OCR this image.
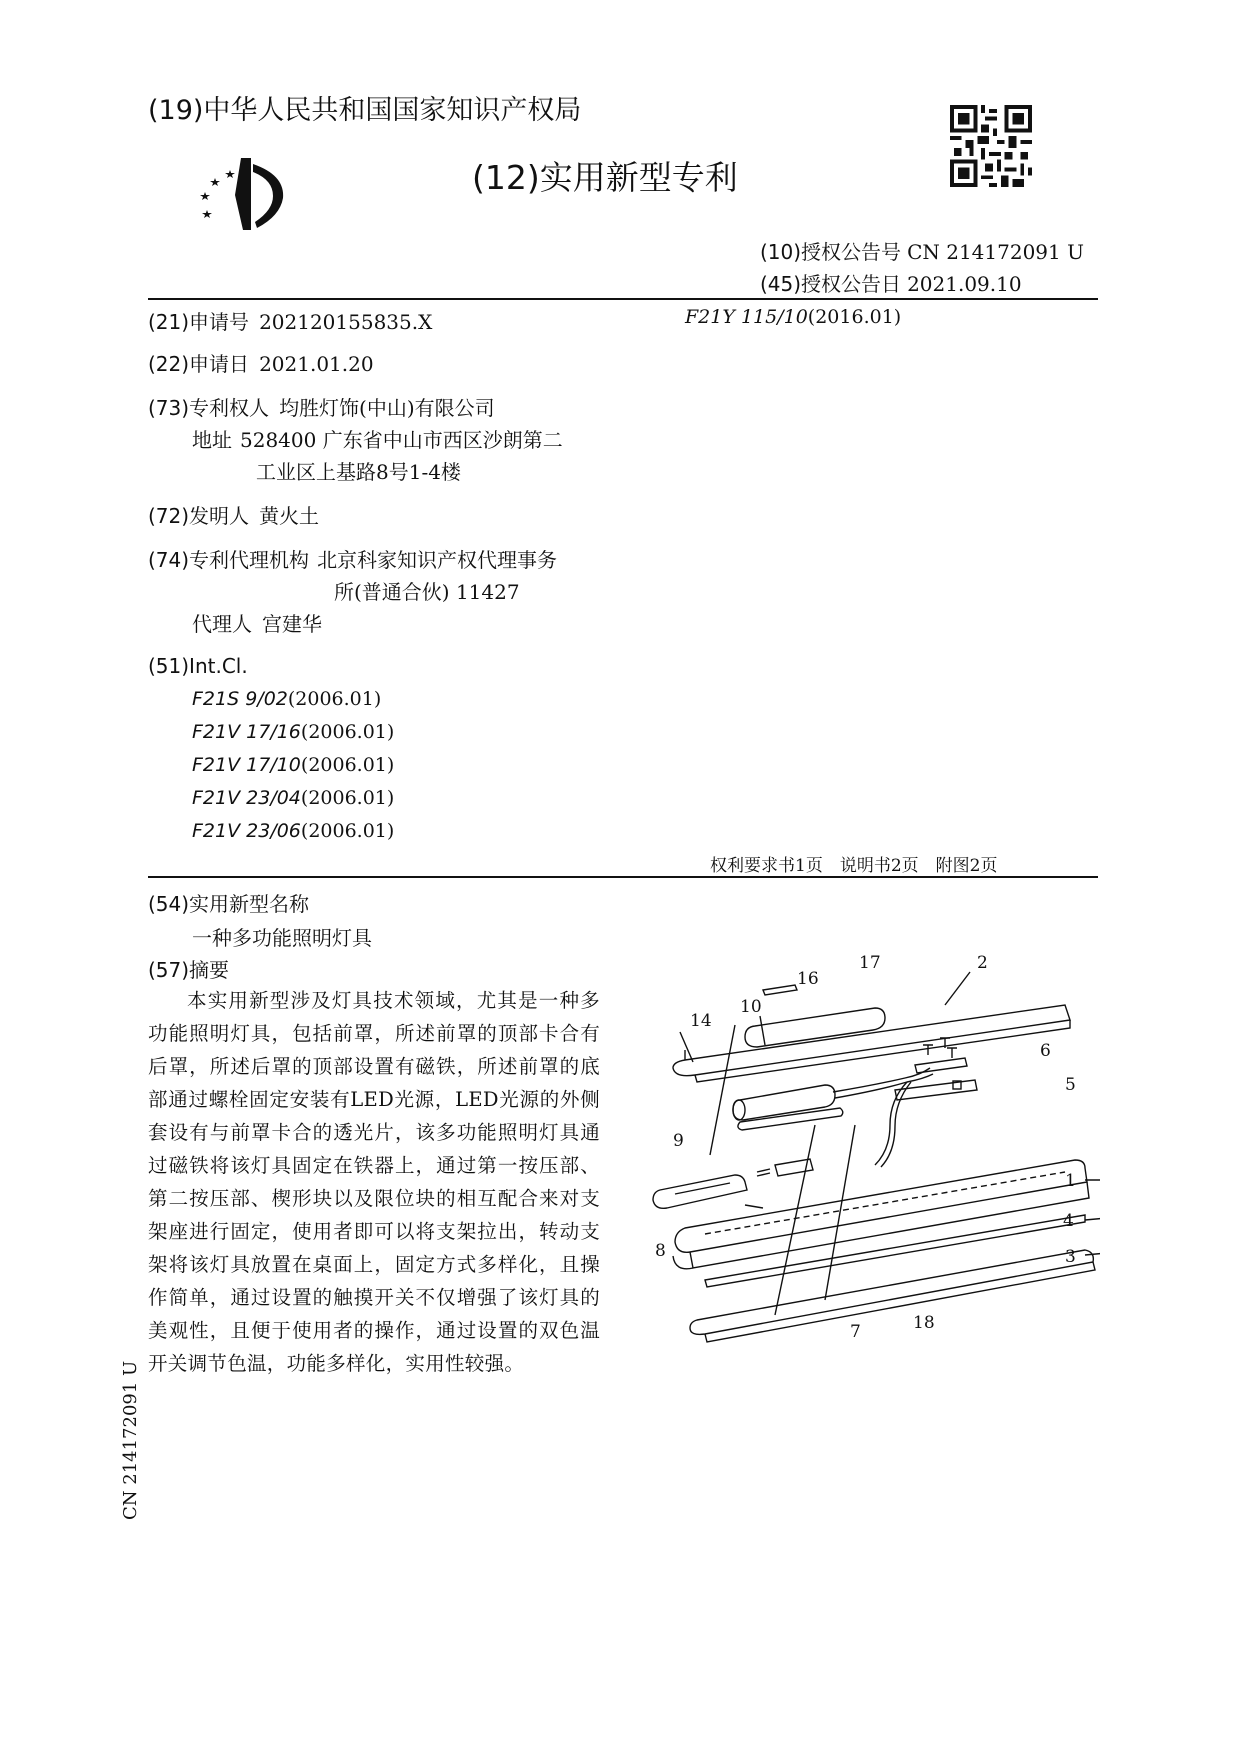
(19)中华人民共和国国家知识产权局
(12)实用新型专利
(10)授权公告号 CN 214172091 U
(45)授权公告日 2021.09.10
(21)申请号 202120155835.X	F21Y 115/10(2016.01)
(22)申请日 2021.01.20
(73)专利权人 均胜灯饰(中山)有限公司
地址 528400 广东省中山市西区沙朗第二
工业区上基路8号1-4楼
(72)发明人 黄火土
(74)专利代理机构 北京科家知识产权代理事务
所(普通合伙) 11427
代理人 宫建华
(51)Int.Cl.
F21S 9/02(2006.01)
F21V 17/16(2006.01)
F21V 17/10(2006.01)
F21V 23/04(2006.01)
F21V 23/06(2006.01)
权利要求书1页　说明书2页　附图2页
(54)实用新型名称
一种多功能照明灯具
(57)摘要
本实用新型涉及灯具技术领域，尤其是一种多功能照明灯具，包括前罩，所述前罩的顶部卡合有后罩，所述后罩的顶部设置有磁铁，所述前罩的底部通过螺栓固定安装有LED光源，LED光源的外侧套设有与前罩卡合的透光片，该多功能照明灯具通过磁铁将该灯具固定在铁器上，通过第一按压部、第二按压部、楔形块以及限位块的相互配合来对支架座进行固定，使用者即可以将支架拉出，转动支架将该灯具放置在桌面上，固定方式多样化，且操作简单，通过设置的触摸开关不仅增强了该灯具的美观性，且便于使用者的操作，通过设置的双色温开关调节色温，功能多样化，实用性较强。
17	2
16
14
10
6
5
9
1
4
8	3
7	18
CN 214172091 U
